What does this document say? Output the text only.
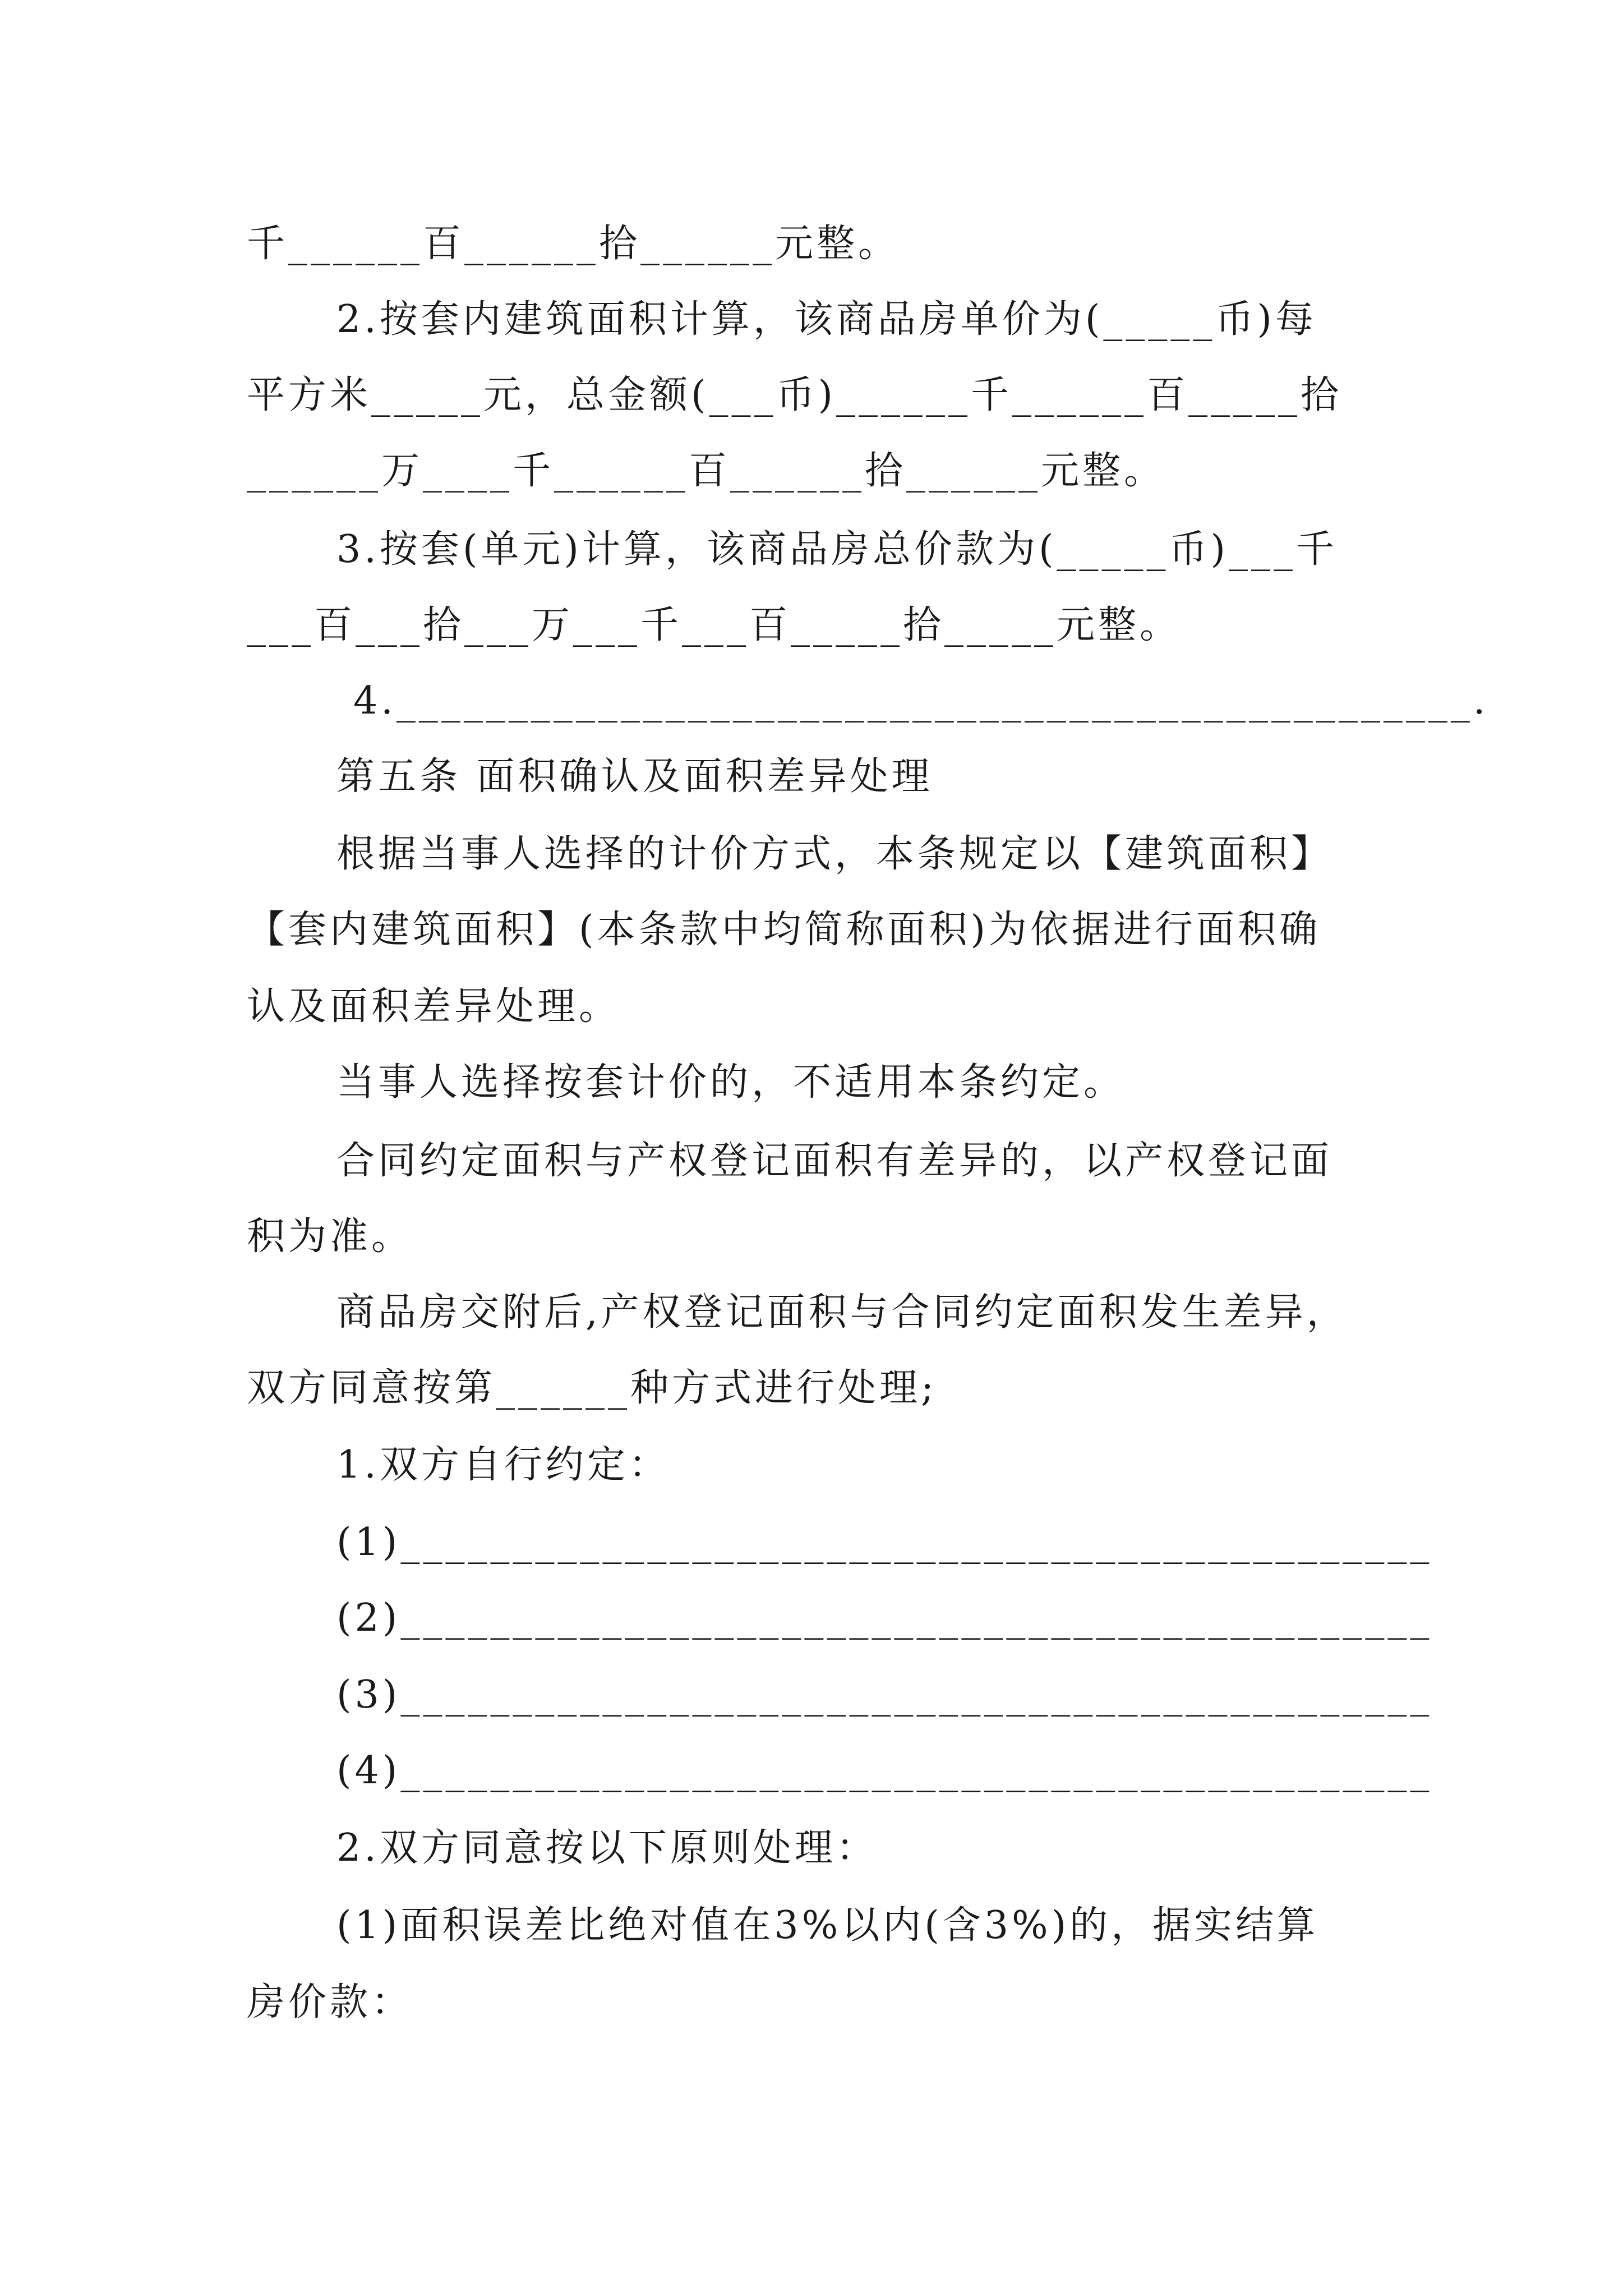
千______百______拾______元整。
2.按套内建筑面积计算，该商品房单价为(_____币)每
平方米_____元，总金额(___币)______千______百_____拾
______万____千______百______拾______元整。
3.按套(单元)计算，该商品房总价款为(_____币)___千
___百___拾___万___千___百_____拾_____元整。
4.________________________________________________.
第五条 面积确认及面积差异处理
根据当事人选择的计价方式，本条规定以【建筑面积】
【套内建筑面积】(本条款中均简称面积)为依据进行面积确
认及面积差异处理。
当事人选择按套计价的，不适用本条约定。
合同约定面积与产权登记面积有差异的，以产权登记面
积为准。
商品房交附后,产权登记面积与合同约定面积发生差异，
双方同意按第______种方式进行处理;
1.双方自行约定：
(1)______________________________________________
(2)______________________________________________
(3)______________________________________________
(4)______________________________________________
2.双方同意按以下原则处理：
(1)面积误差比绝对值在3%以内(含3%)的，据实结算
房价款：
